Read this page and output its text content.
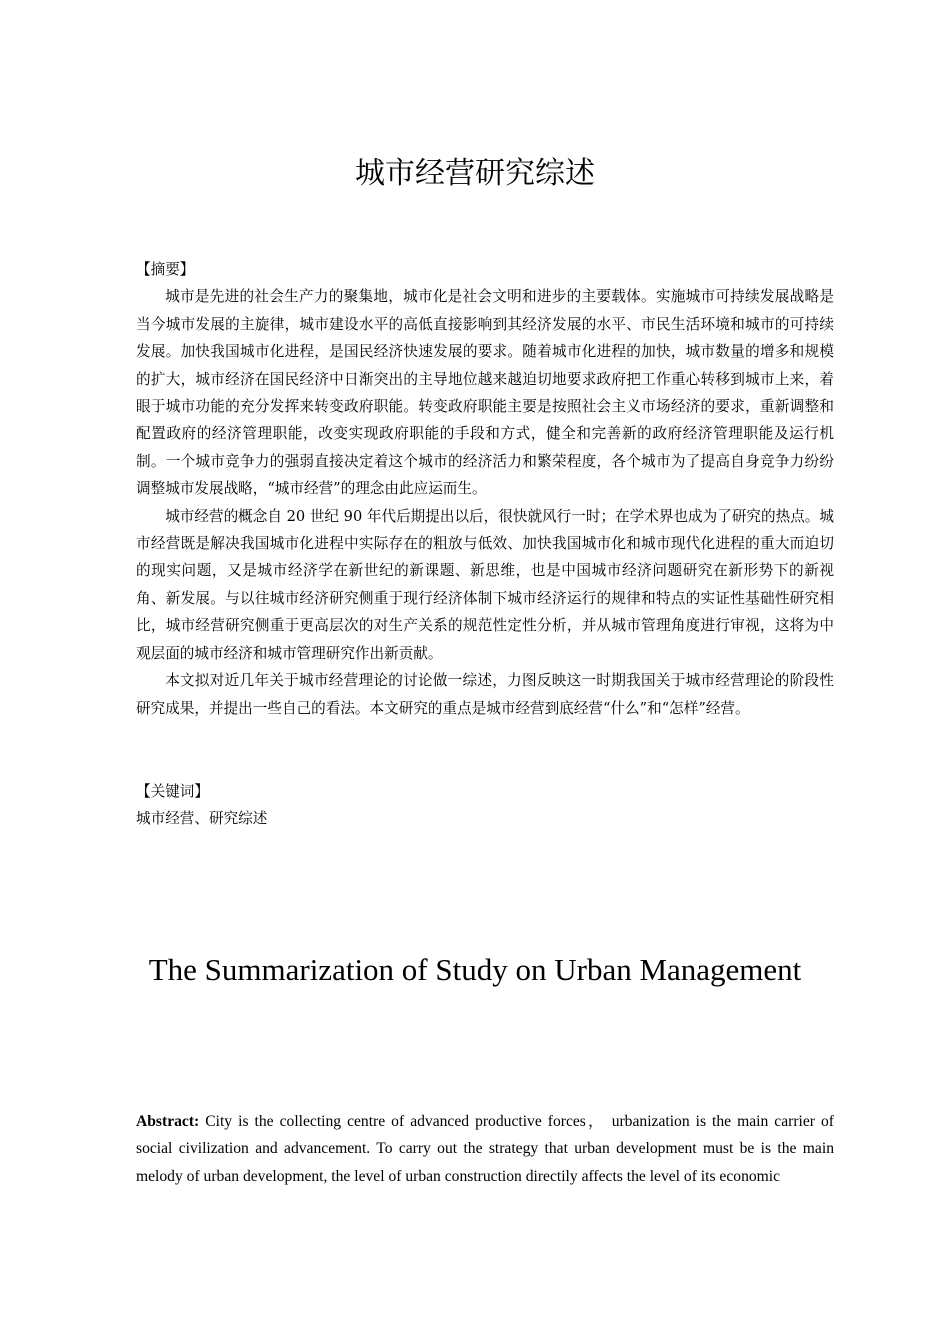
城市经营研究综述
【摘要】

城市是先进的社会生产力的聚集地，城市化是社会文明和进步的主要载体。实施城市可持续发展战略是当今城市发展的主旋律，城市建设水平的高低直接影响到其经济发展的水平、市民生活环境和城市的可持续发展。加快我国城市化进程，是国民经济快速发展的要求。随着城市化进程的加快，城市数量的增多和规模的扩大，城市经济在国民经济中日渐突出的主导地位越来越迫切地要求政府把工作重心转移到城市上来，着眼于城市功能的充分发挥来转变政府职能。转变政府职能主要是按照社会主义市场经济的要求，重新调整和配置政府的经济管理职能，改变实现政府职能的手段和方式，健全和完善新的政府经济管理职能及运行机制。一个城市竞争力的强弱直接决定着这个城市的经济活力和繁荣程度，各个城市为了提高自身竞争力纷纷调整城市发展战略，“城市经营”的理念由此应运而生。

城市经营的概念自 20 世纪 90 年代后期提出以后，很快就风行一时；在学术界也成为了研究的热点。城市经营既是解决我国城市化进程中实际存在的粗放与低效、加快我国城市化和城市现代化进程的重大而迫切的现实问题，又是城市经济学在新世纪的新课题、新思维，也是中国城市经济问题研究在新形势下的新视角、新发展。与以往城市经济研究侧重于现行经济体制下城市经济运行的规律和特点的实证性基础性研究相比，城市经营研究侧重于更高层次的对生产关系的规范性定性分析，并从城市管理角度进行审视，这将为中观层面的城市经济和城市管理研究作出新贡献。

本文拟对近几年关于城市经营理论的讨论做一综述，力图反映这一时期我国关于城市经营理论的阶段性研究成果，并提出一些自己的看法。本文研究的重点是城市经营到底经营“什么”和“怎样”经营。

【关键词】
城市经营、研究综述
The Summarization of Study on Urban Management

Abstract: City is the collecting centre of advanced productive forces， urbanization is the main carrier of social civilization and advancement. To carry out the strategy that urban development must be is the main melody of urban development, the level of urban construction directily affects the level of its economic
